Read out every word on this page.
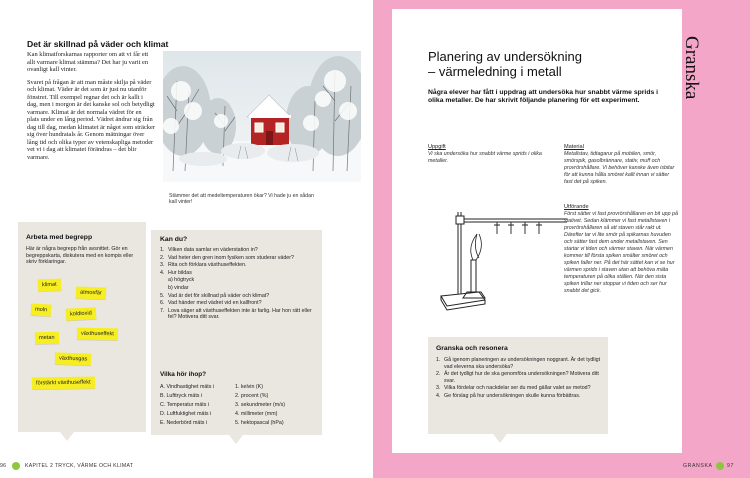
Det är skillnad på väder och klimat

Kan klimatforskarnas rapporter om att vi får ett allt varmare klimat stämma? Det har ju varit en ovanligt kall vinter.

Svaret på frågan är att man måste skilja på väder och klimat. Väder är det som är just nu utanför fönstret. Till exempel regnar det och är kallt i dag, men i morgon är det kanske sol och betydligt varmare. Klimat är det normala vädret för en plats under en lång period. Vädret ändrar sig från dag till dag, medan klimatet är något som sträcker sig över hundratals år. Genom mätningar över lång tid och olika typer av vetenskapliga metoder vet vi i dag att klimatet förändras – det blir varmare.

Stämmer det att medeltemperaturen ökar? Vi hade ju en sådan kall vinter!
Arbeta med begrepp
Här är några begrepp från avsnittet. Gör en begreppskarta, diskutera med en kompis eller skriv förklaringar.
klimat
atmosfär
moln
koldioxid
metan
växthuseffekt
växthusgas
förstärkt växthuseffekt
Kan du?
1. Vilken data samlar en väderstation in?
2. Vad heter den gren inom fysiken som studerar väder?
3. Rita och förklara växthuseffekten.
4. Hur bildas
a) högtryck
b) vindar
5. Vad är det för skillnad på väder och klimat?
6. Vad händer med vädret vid en kallfront?
7. Lova säger att växthuseffekten inte är farlig. Har hon rätt eller fel? Motivera ditt svar.
Vilka hör ihop?
A. Vindhastighet mäts i	1. kelvin (K)
B. Lufttryck mäts i	2. procent (%)
C. Temperatur mäts i	3. sekundmeter (m/s)
D. Luftfuktighet mäts i	4. millimeter (mm)
E. Nederbörd mäts i	5. hektopascal (hPa)
96	KAPITEL 2 TRYCK, VÄRME OCH KLIMAT
Planering av undersökning
– värmeledning i metall
Några elever har fått i uppdrag att undersöka hur snabbt värme sprids i olika metaller. De har skrivit följande planering för ett experiment.
Uppgift
Vi ska undersöka hur snabbt värme sprids i olika metaller.
Material
Metallstav, tidtagarur på mobilen, smör, smörspik, gasolbrännare, stativ, muff och provrörshållare. Vi behöver kanske även isbitar för att kunna hålla smöret kallt innan vi sätter fast det på spiken.
Utförande
Först sätter vi fast provrörshållaren en bit upp på stativet. Sedan klämmer vi fast metallstaven i provrörshållaren så att staven står rakt ut. Därefter tar vi lite smör på spikarnas huvuden och sätter fast dem under metallstaven. Sen startar vi tiden och värmer staven. När värmen kommer till första spiken smälter smöret och spiken faller ner. På det här sättet kan vi se hur värmen sprids i staven utan att behöva mäta temperaturen på olika ställen. När den sista spiken trillar ner stoppar vi tiden och ser hur snabbt det gick.
Granska och resonera
1. Gå igenom planeringen av undersökningen noggrant. Är det tydligt vad eleverna ska undersöka?
2. Är det tydligt hur de ska genomföra undersökningen? Motivera ditt svar.
3. Vilka fördelar och nackdelar ser du med gällar valet av metod?
4. Ge förslag på hur undersökningen skulle kunna förbättras.
Granska
GRANSKA	97
